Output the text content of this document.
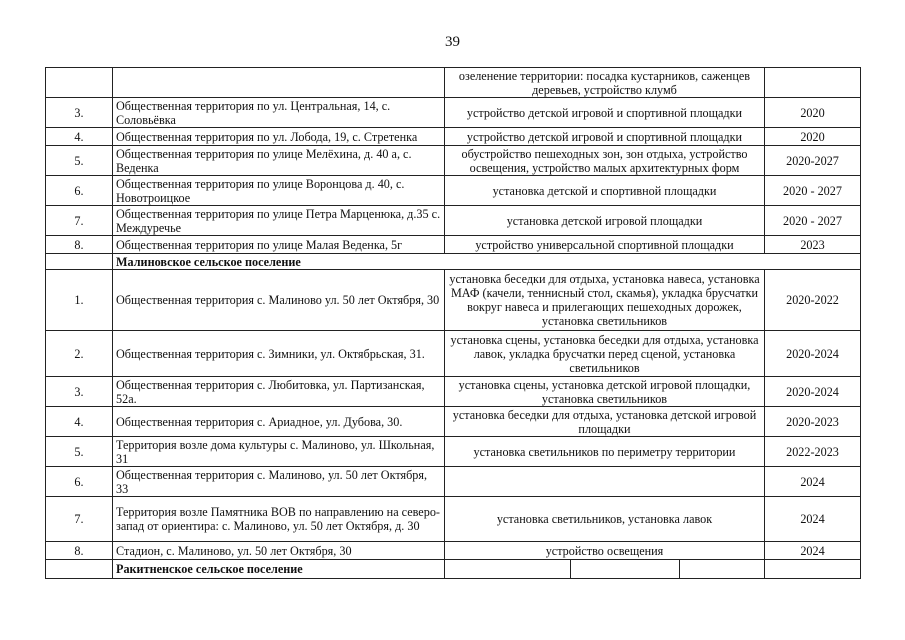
39
		озеленение территории: посадка кустарников, саженцев деревьев, устройство клумб	
3.	Общественная территория по ул. Центральная, 14, с. Соловьёвка	устройство детской игровой и спортивной площадки	2020
4.	Общественная территория по ул. Лобода, 19, с. Стретенка	устройство детской игровой и спортивной площадки	2020
5.	Общественная территория по улице Мелёхина, д. 40 а, с. Веденка	обустройство пешеходных зон, зон отдыха, устройство освещения, устройство малых архитектурных форм	2020-2027
6.	Общественная территория по улице Воронцова д. 40, с. Новотроицкое	установка детской и спортивной площадки	2020 - 2027
7.	Общественная территория по улице Петра Марценюка, д.35 с. Междуречье	установка детской игровой площадки	2020 - 2027
8.	Общественная территория по улице Малая Веденка, 5г	устройство универсальной спортивной площадки	2023
	Малиновское сельское поселение		
1.	Общественная территория с. Малиново ул. 50 лет Октября, 30	установка беседки для отдыха, установка навеса, установка МАФ (качели, теннисный стол, скамья), укладка брусчатки вокруг навеса и прилегающих пешеходных дорожек, установка светильников	2020-2022
2.	Общественная территория с. Зимники, ул. Октябрьская, 31.	установка сцены, установка беседки для отдыха, установка лавок, укладка брусчатки перед сценой, установка светильников	2020-2024
3.	Общественная территория с. Любитовка, ул. Партизанская, 52а.	установка сцены, установка детской игровой площадки, установка светильников	2020-2024
4.	Общественная территория с. Ариадное, ул. Дубова, 30.	установка беседки для отдыха, установка детской игровой площадки	2020-2023
5.	Территория возле дома культуры с. Малиново, ул. Школьная, 31	установка светильников по периметру территории	2022-2023
6.	Общественная территория с. Малиново, ул. 50 лет Октября, 33		2024
7.	Территория возле Памятника ВОВ по направлению на северо-запад от ориентира: с. Малиново, ул. 50 лет Октября, д. 30	установка светильников, установка лавок	2024
8.	Стадион, с. Малиново, ул. 50 лет Октября, 30	устройство освещения	2024
	Ракитненское сельское поселение	
